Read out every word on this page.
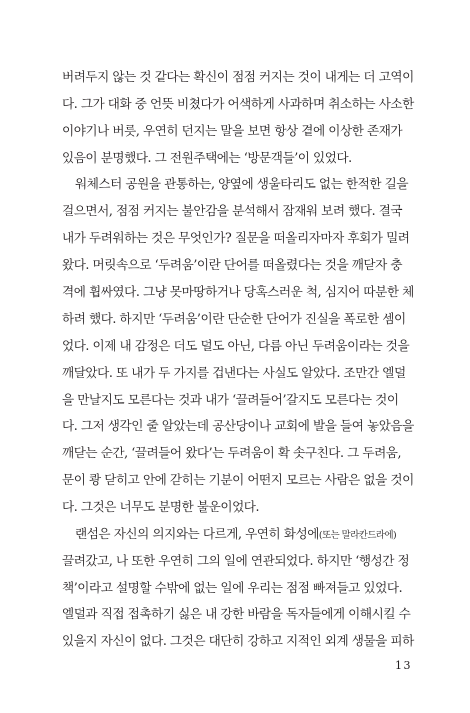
버려두지 않는 것 같다는 확신이 점점 커지는 것이 내게는 더 고역이
다. 그가 대화 중 언뜻 비쳤다가 어색하게 사과하며 취소하는 사소한
이야기나 버릇, 우연히 던지는 말을 보면 항상 곁에 이상한 존재가
있음이 분명했다. 그 전원주택에는 ‘방문객들’이 있었다.
워체스터 공원을 관통하는, 양옆에 생울타리도 없는 한적한 길을
걸으면서, 점점 커지는 불안감을 분석해서 잠재워 보려 했다. 결국
내가 두려워하는 것은 무엇인가? 질문을 떠올리자마자 후회가 밀려
왔다. 머릿속으로 ‘두려움’이란 단어를 떠올렸다는 것을 깨닫자 충
격에 휩싸였다. 그냥 못마땅하거나 당혹스러운 척, 심지어 따분한 체
하려 했다. 하지만 ‘두려움’이란 단순한 단어가 진실을 폭로한 셈이
었다. 이제 내 감정은 더도 덜도 아닌, 다름 아닌 두려움이라는 것을
깨달았다. 또 내가 두 가지를 겁낸다는 사실도 알았다. 조만간 엘덜
을 만날지도 모른다는 것과 내가 ‘끌려들어’갈지도 모른다는 것이
다. 그저 생각인 줄 알았는데 공산당이나 교회에 발을 들여 놓았음을
깨닫는 순간, ‘끌려들어 왔다’는 두려움이 확 솟구친다. 그 두려움,
문이 쾅 닫히고 안에 갇히는 기분이 어떤지 모르는 사람은 없을 것이
다. 그것은 너무도 분명한 불운이었다.
랜섬은 자신의 의지와는 다르게, 우연히 화성에(또는 말라칸드라에)
끌려갔고, 나 또한 우연히 그의 일에 연관되었다. 하지만 ‘행성간 정
책’이라고 설명할 수밖에 없는 일에 우리는 점점 빠져들고 있었다.
엘덜과 직접 접촉하기 싫은 내 강한 바람을 독자들에게 이해시킬 수
있을지 자신이 없다. 그것은 대단히 강하고 지적인 외계 생물을 피하
13
